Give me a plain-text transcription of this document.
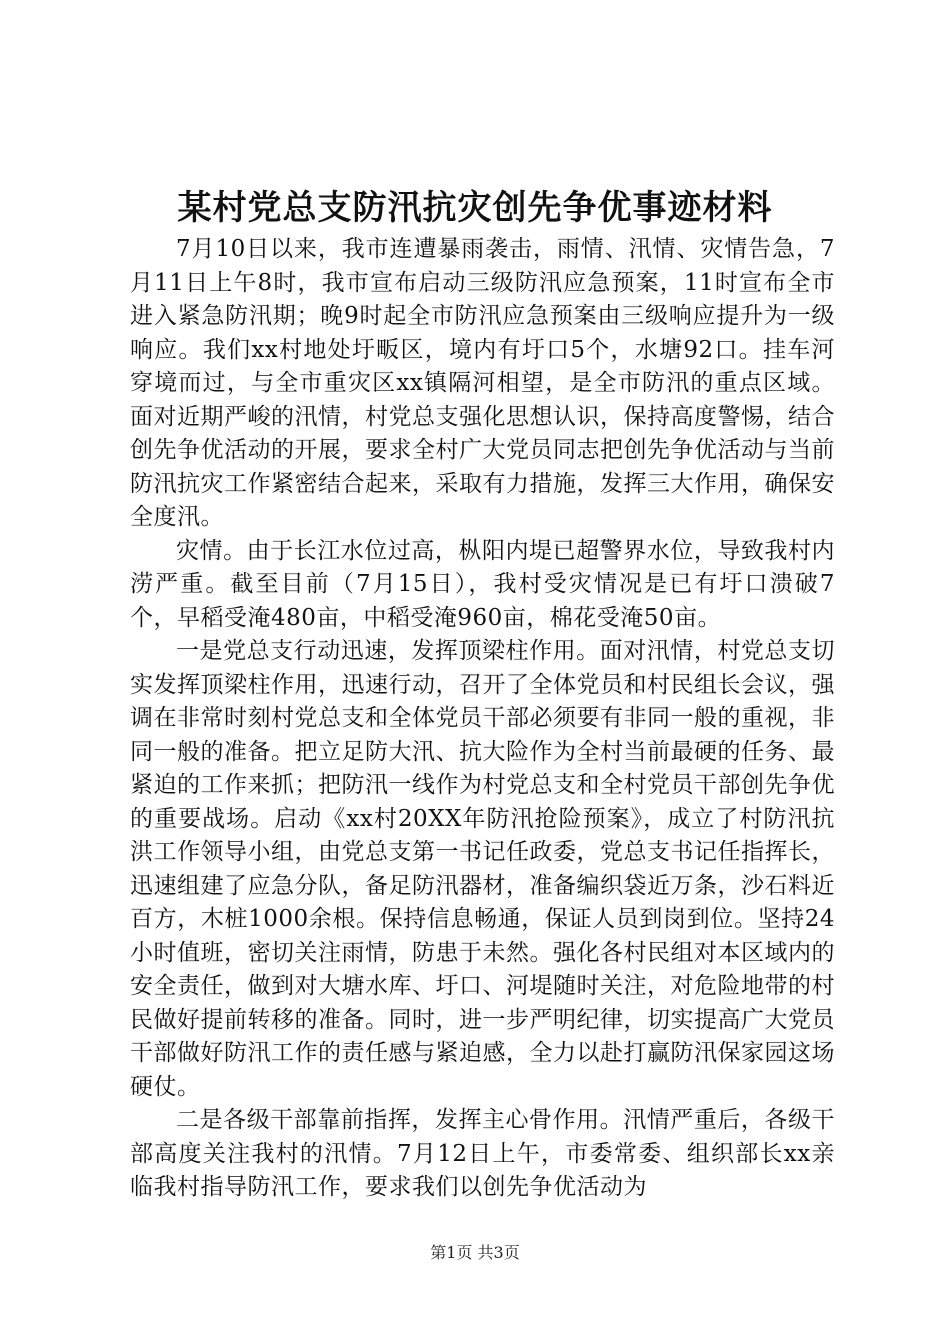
某村党总支防汛抗灾创先争优事迹材料

7月10日以来，我市连遭暴雨袭击，雨情、汛情、灾情告急，7月11日上午8时，我市宣布启动三级防汛应急预案，11时宣布全市进入紧急防汛期；晚9时起全市防汛应急预案由三级响应提升为一级响应。我们xx村地处圩畈区，境内有圩口5个，水塘92口。挂车河穿境而过，与全市重灾区xx镇隔河相望，是全市防汛的重点区域。面对近期严峻的汛情，村党总支强化思想认识，保持高度警惕，结合创先争优活动的开展，要求全村广大党员同志把创先争优活动与当前防汛抗灾工作紧密结合起来，采取有力措施，发挥三大作用，确保安全度汛。

灾情。由于长江水位过高，枞阳内堤已超警界水位，导致我村内涝严重。截至目前（7月15日），我村受灾情况是已有圩口溃破7个，早稻受淹480亩，中稻受淹960亩，棉花受淹50亩。

一是党总支行动迅速，发挥顶梁柱作用。面对汛情，村党总支切实发挥顶梁柱作用，迅速行动，召开了全体党员和村民组长会议，强调在非常时刻村党总支和全体党员干部必须要有非同一般的重视，非同一般的准备。把立足防大汛、抗大险作为全村当前最硬的任务、最紧迫的工作来抓；把防汛一线作为村党总支和全村党员干部创先争优的重要战场。启动《xx村20XX年防汛抢险预案》，成立了村防汛抗洪工作领导小组，由党总支第一书记任政委，党总支书记任指挥长，迅速组建了应急分队，备足防汛器材，准备编织袋近万条，沙石料近百方，木桩1000余根。保持信息畅通，保证人员到岗到位。坚持24小时值班，密切关注雨情，防患于未然。强化各村民组对本区域内的安全责任，做到对大塘水库、圩口、河堤随时关注，对危险地带的村民做好提前转移的准备。同时，进一步严明纪律，切实提高广大党员干部做好防汛工作的责任感与紧迫感，全力以赴打赢防汛保家园这场硬仗。

二是各级干部靠前指挥，发挥主心骨作用。汛情严重后，各级干部高度关注我村的汛情。7月12日上午，市委常委、组织部长xx亲临我村指导防汛工作，要求我们以创先争优活动为

第1页 共3页
